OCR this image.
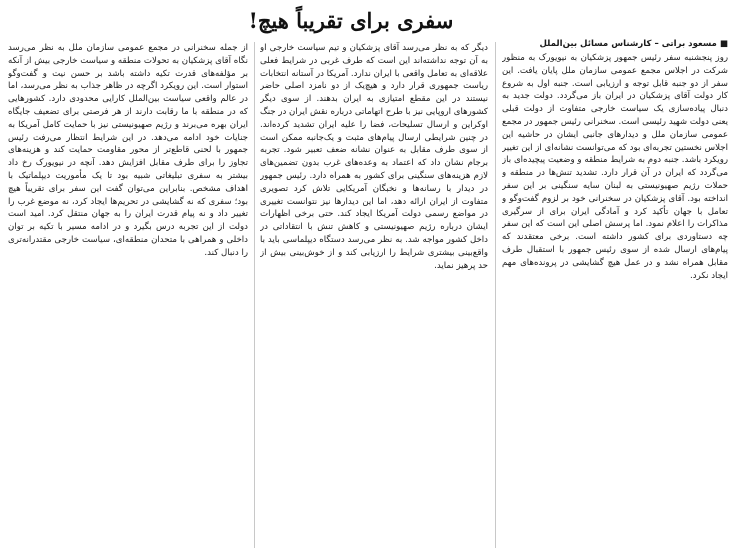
سفری برای تقریباً هیچ!
■ مسعود براتی – کارشناس مسائل بین‌الملل

روز پنجشنبه سفر رئیس جمهور پزشکیان به نیویورک به منظور شرکت در اجلاس مجمع عمومی سازمان ملل پایان یافت. این سفر از دو جنبه قابل توجه و ارزیابی است. جنبه اول به شروع کار دولت آقای پزشکیان در ایران باز می‌گردد. دولت جدید به دنبال پیاده‌سازی یک سیاست خارجی متفاوت از دولت قبلی یعنی دولت شهید رئیسی است. سخنرانی رئیس جمهور در مجمع عمومی سازمان ملل و دیدارهای جانبی ایشان در حاشیه این اجلاس نخستین تجربه‌ای بود که می‌توانست نشانه‌ای از این تغییر رویکرد باشد. جنبه دوم به شرایط منطقه و وضعیت پیچیده‌ای باز می‌گردد که ایران در آن قرار دارد. تشدید تنش‌ها در منطقه و حملات رژیم صهیونیستی به لبنان سایه سنگینی بر این سفر انداخته بود. آقای پزشکیان در سخنرانی خود بر لزوم گفت‌وگو و تعامل با جهان تأکید کرد و آمادگی ایران برای از سرگیری مذاکرات را اعلام نمود. اما پرسش اصلی این است که این سفر چه دستاوردی برای کشور داشته است. برخی معتقدند که پیام‌های ارسال شده از سوی رئیس جمهور با استقبال طرف مقابل همراه نشد و در عمل هیچ گشایشی در پرونده‌های مهم ایجاد نکرد.

دیگر که به نظر می‌رسد آقای پزشکیان و تیم سیاست خارجی او به آن توجه نداشته‌اند این است که طرف غربی در شرایط فعلی علاقه‌ای به تعامل واقعی با ایران ندارد. آمریکا در آستانه انتخابات ریاست جمهوری قرار دارد و هیچ‌یک از دو نامزد اصلی حاضر نیستند در این مقطع امتیازی به ایران بدهند. از سوی دیگر کشورهای اروپایی نیز با طرح اتهاماتی درباره نقش ایران در جنگ اوکراین و ارسال تسلیحات، فضا را علیه ایران تشدید کرده‌اند. در چنین شرایطی ارسال پیام‌های مثبت و یک‌جانبه ممکن است از سوی طرف مقابل به عنوان نشانه ضعف تعبیر شود. تجربه برجام نشان داد که اعتماد به وعده‌های غرب بدون تضمین‌های لازم هزینه‌های سنگینی برای کشور به همراه دارد. رئیس جمهور در دیدار با رسانه‌ها و نخبگان آمریکایی تلاش کرد تصویری متفاوت از ایران ارائه دهد، اما این دیدارها نیز نتوانست تغییری در مواضع رسمی دولت آمریکا ایجاد کند. حتی برخی اظهارات ایشان درباره رژیم صهیونیستی و کاهش تنش با انتقاداتی در داخل کشور مواجه شد. به نظر می‌رسد دستگاه دیپلماسی باید با واقع‌بینی بیشتری شرایط را ارزیابی کند و از خوش‌بینی بیش از حد پرهیز نماید.

از جمله سخنرانی در مجمع عمومی سازمان ملل به نظر می‌رسد نگاه آقای پزشکیان به تحولات منطقه و سیاست خارجی بیش از آنکه بر مؤلفه‌های قدرت تکیه داشته باشد بر حسن نیت و گفت‌وگو استوار است. این رویکرد اگرچه در ظاهر جذاب به نظر می‌رسد، اما در عالم واقعی سیاست بین‌الملل کارایی محدودی دارد. کشورهایی که در منطقه با ما رقابت دارند از هر فرصتی برای تضعیف جایگاه ایران بهره می‌برند و رژیم صهیونیستی نیز با حمایت کامل آمریکا به جنایات خود ادامه می‌دهد. در این شرایط انتظار می‌رفت رئیس جمهور با لحنی قاطع‌تر از محور مقاومت حمایت کند و هزینه‌های تجاوز را برای طرف مقابل افزایش دهد. آنچه در نیویورک رخ داد بیشتر به سفری تبلیغاتی شبیه بود تا یک مأموریت دیپلماتیک با اهداف مشخص. بنابراین می‌توان گفت این سفر برای تقریباً هیچ بود؛ سفری که نه گشایشی در تحریم‌ها ایجاد کرد، نه موضع غرب را تغییر داد و نه پیام قدرت ایران را به جهان منتقل کرد. امید است دولت از این تجربه درس بگیرد و در ادامه مسیر با تکیه بر توان داخلی و همراهی با متحدان منطقه‌ای، سیاست خارجی مقتدرانه‌تری را دنبال کند.
